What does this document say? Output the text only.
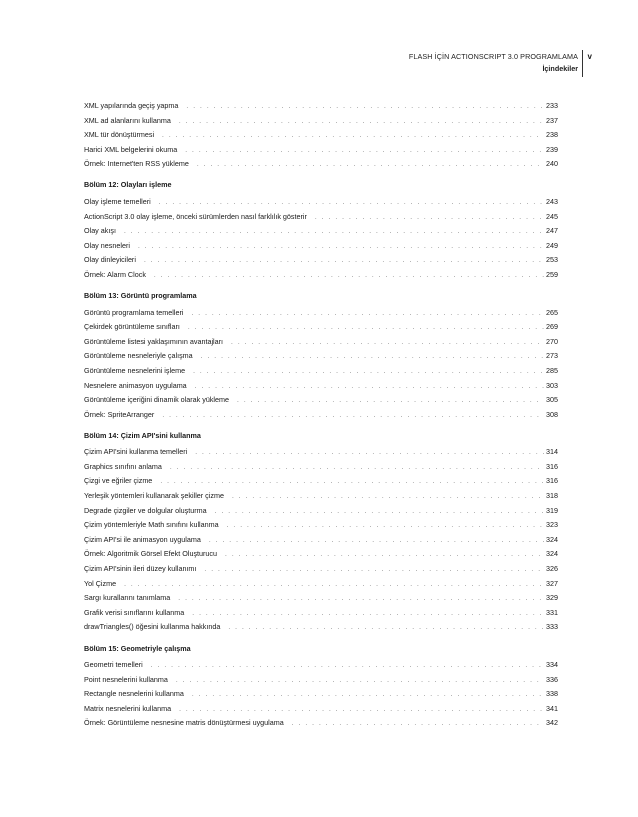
FLASH İÇİN ACTIONSCRIPT 3.0 PROGRAMLAMA
İçindekiler
v
XML yapılarında geçiş yapma . . .	233
XML ad alanlarını kullanma . . .	237
XML tür dönüştürmesi . . .	238
Harici XML belgelerini okuma . . .	239
Örnek: Internet'ten RSS yükleme . . .	240
Bölüm 12: Olayları işleme
Olay işleme temelleri . . .	243
ActionScript 3.0 olay işleme, önceki sürümlerden nasıl farklılık gösterir . . .	245
Olay akışı . . .	247
Olay nesneleri . . .	249
Olay dinleyicileri . . .	253
Örnek: Alarm Clock . . .	259
Bölüm 13: Görüntü programlama
Görüntü programlama temelleri . . .	265
Çekirdek görüntüleme sınıfları . . .	269
Görüntüleme listesi yaklaşımının avantajları . . .	270
Görüntüleme nesneleriyle çalışma . . .	273
Görüntüleme nesnelerini işleme . . .	285
Nesnelere animasyon uygulama . . .	303
Görüntüleme içeriğini dinamik olarak yükleme . . .	305
Örnek: SpriteArranger . . .	308
Bölüm 14: Çizim API'sini kullanma
Çizim API'sini kullanma temelleri . . .	314
Graphics sınıfını anlama . . .	316
Çizgi ve eğriler çizme . . .	316
Yerleşik yöntemleri kullanarak şekiller çizme . . .	318
Degrade çizgiler ve dolgular oluşturma . . .	319
Çizim yöntemleriyle Math sınıfını kullanma . . .	323
Çizim API'si ile animasyon uygulama . . .	324
Örnek: Algoritmik Görsel Efekt Oluşturucu . . .	324
Çizim API'sinin ileri düzey kullanımı . . .	326
Yol Çizme . . .	327
Sargı kurallarını tanımlama . . .	329
Grafik verisi sınıflarını kullanma . . .	331
drawTriangles() öğesini kullanma hakkında . . .	333
Bölüm 15: Geometriyle çalışma
Geometri temelleri . . .	334
Point nesnelerini kullanma . . .	336
Rectangle nesnelerini kullanma . . .	338
Matrix nesnelerini kullanma . . .	341
Örnek: Görüntüleme nesnesine matris dönüştürmesi uygulama . . .	342
